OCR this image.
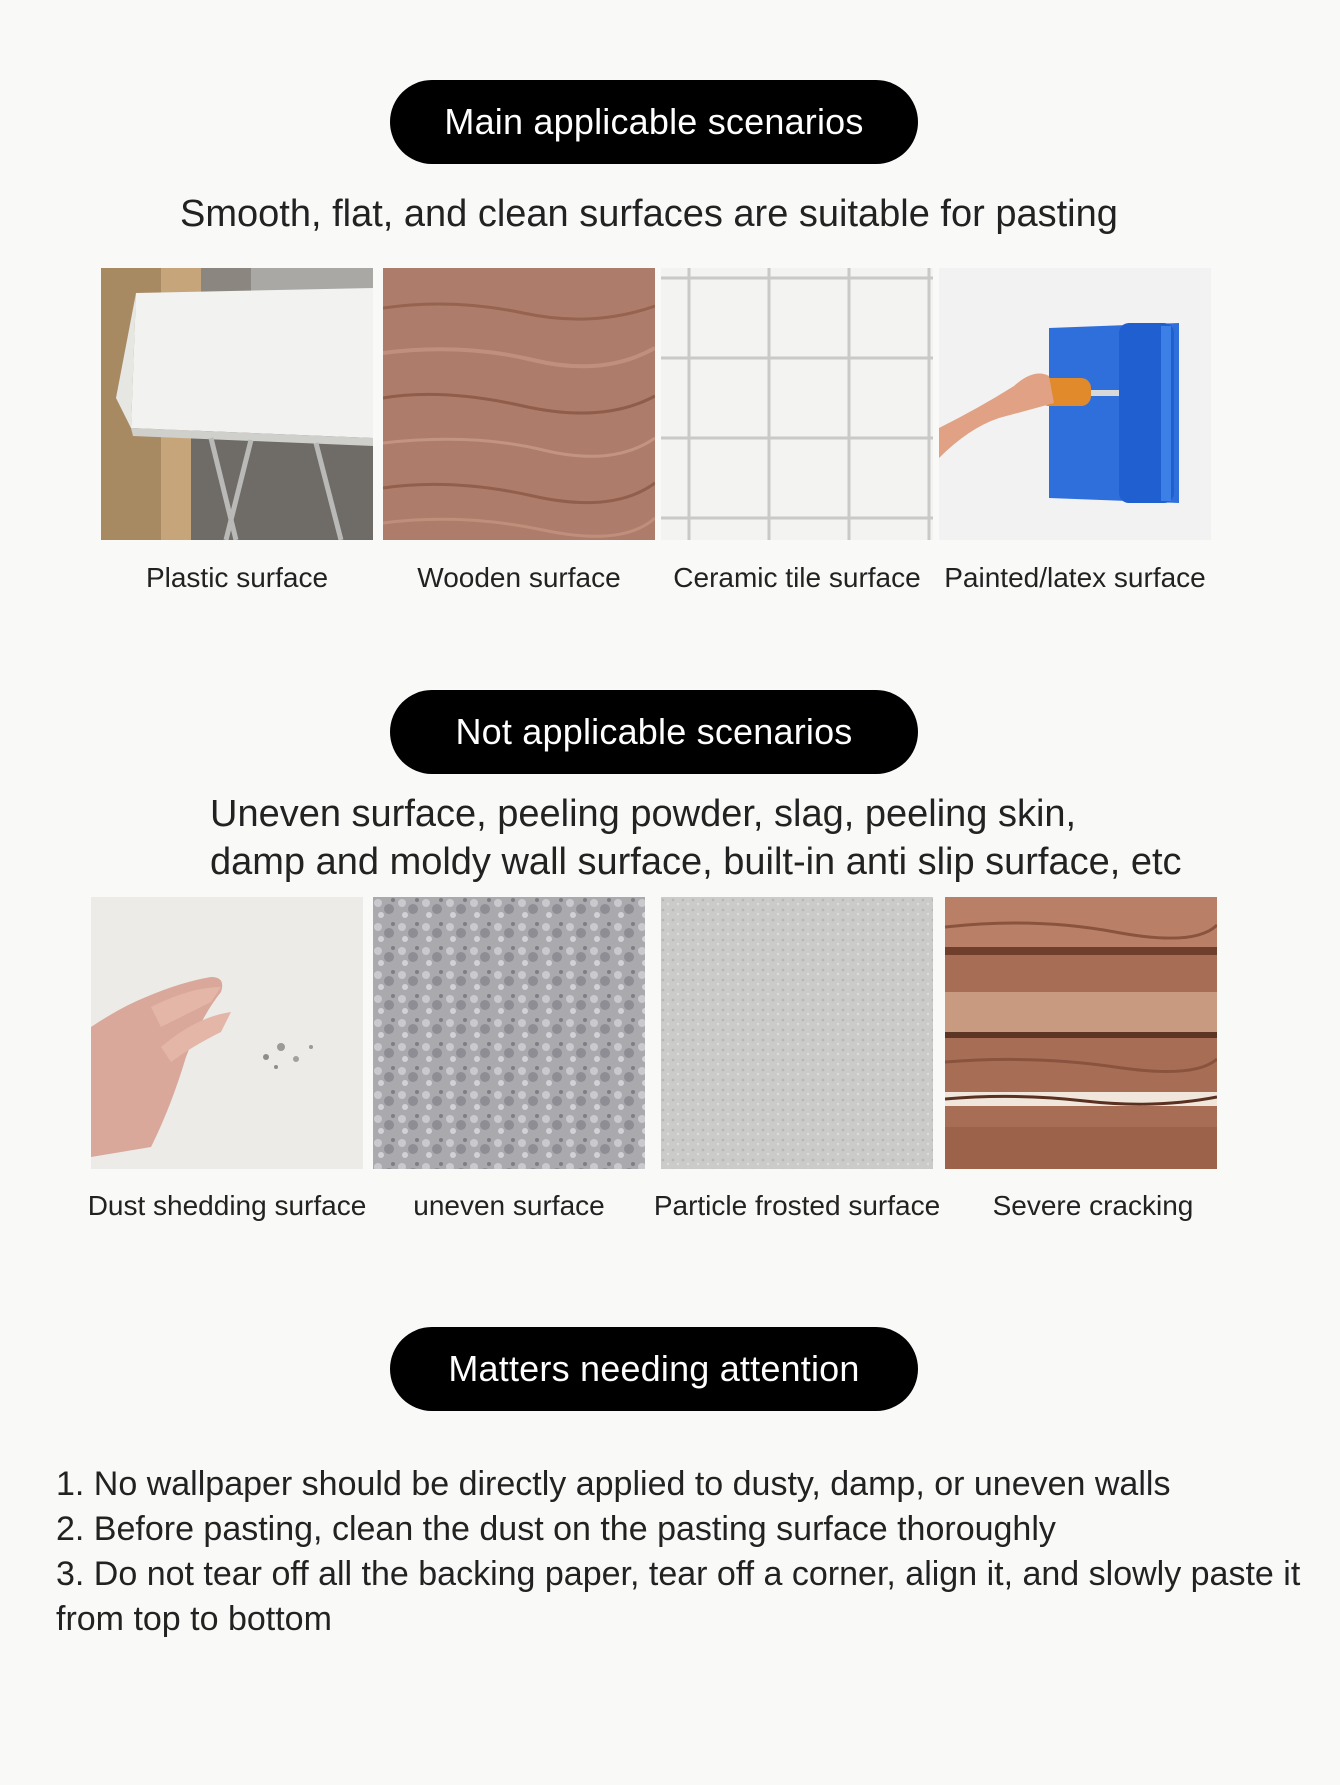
Main applicable scenarios
Smooth, flat, and clean surfaces are suitable for pasting
Plastic surface	Wooden surface	Ceramic tile surface Painted/latex surface
Not applicable scenarios
Uneven surface, peeling powder, slag, peeling skin,
damp and moldy wall surface, built-in anti slip surface, etc
Dust shedding surface	uneven surface	Particle frosted surface	Severe cracking
Matters needing attention

1. No wallpaper should be directly applied to dusty, damp, or uneven walls

2. Before pasting, clean the dust on the pasting surface thoroughly

3. Do not tear off all the backing paper, tear off a corner, align it, and slowly paste it from top to bottom
